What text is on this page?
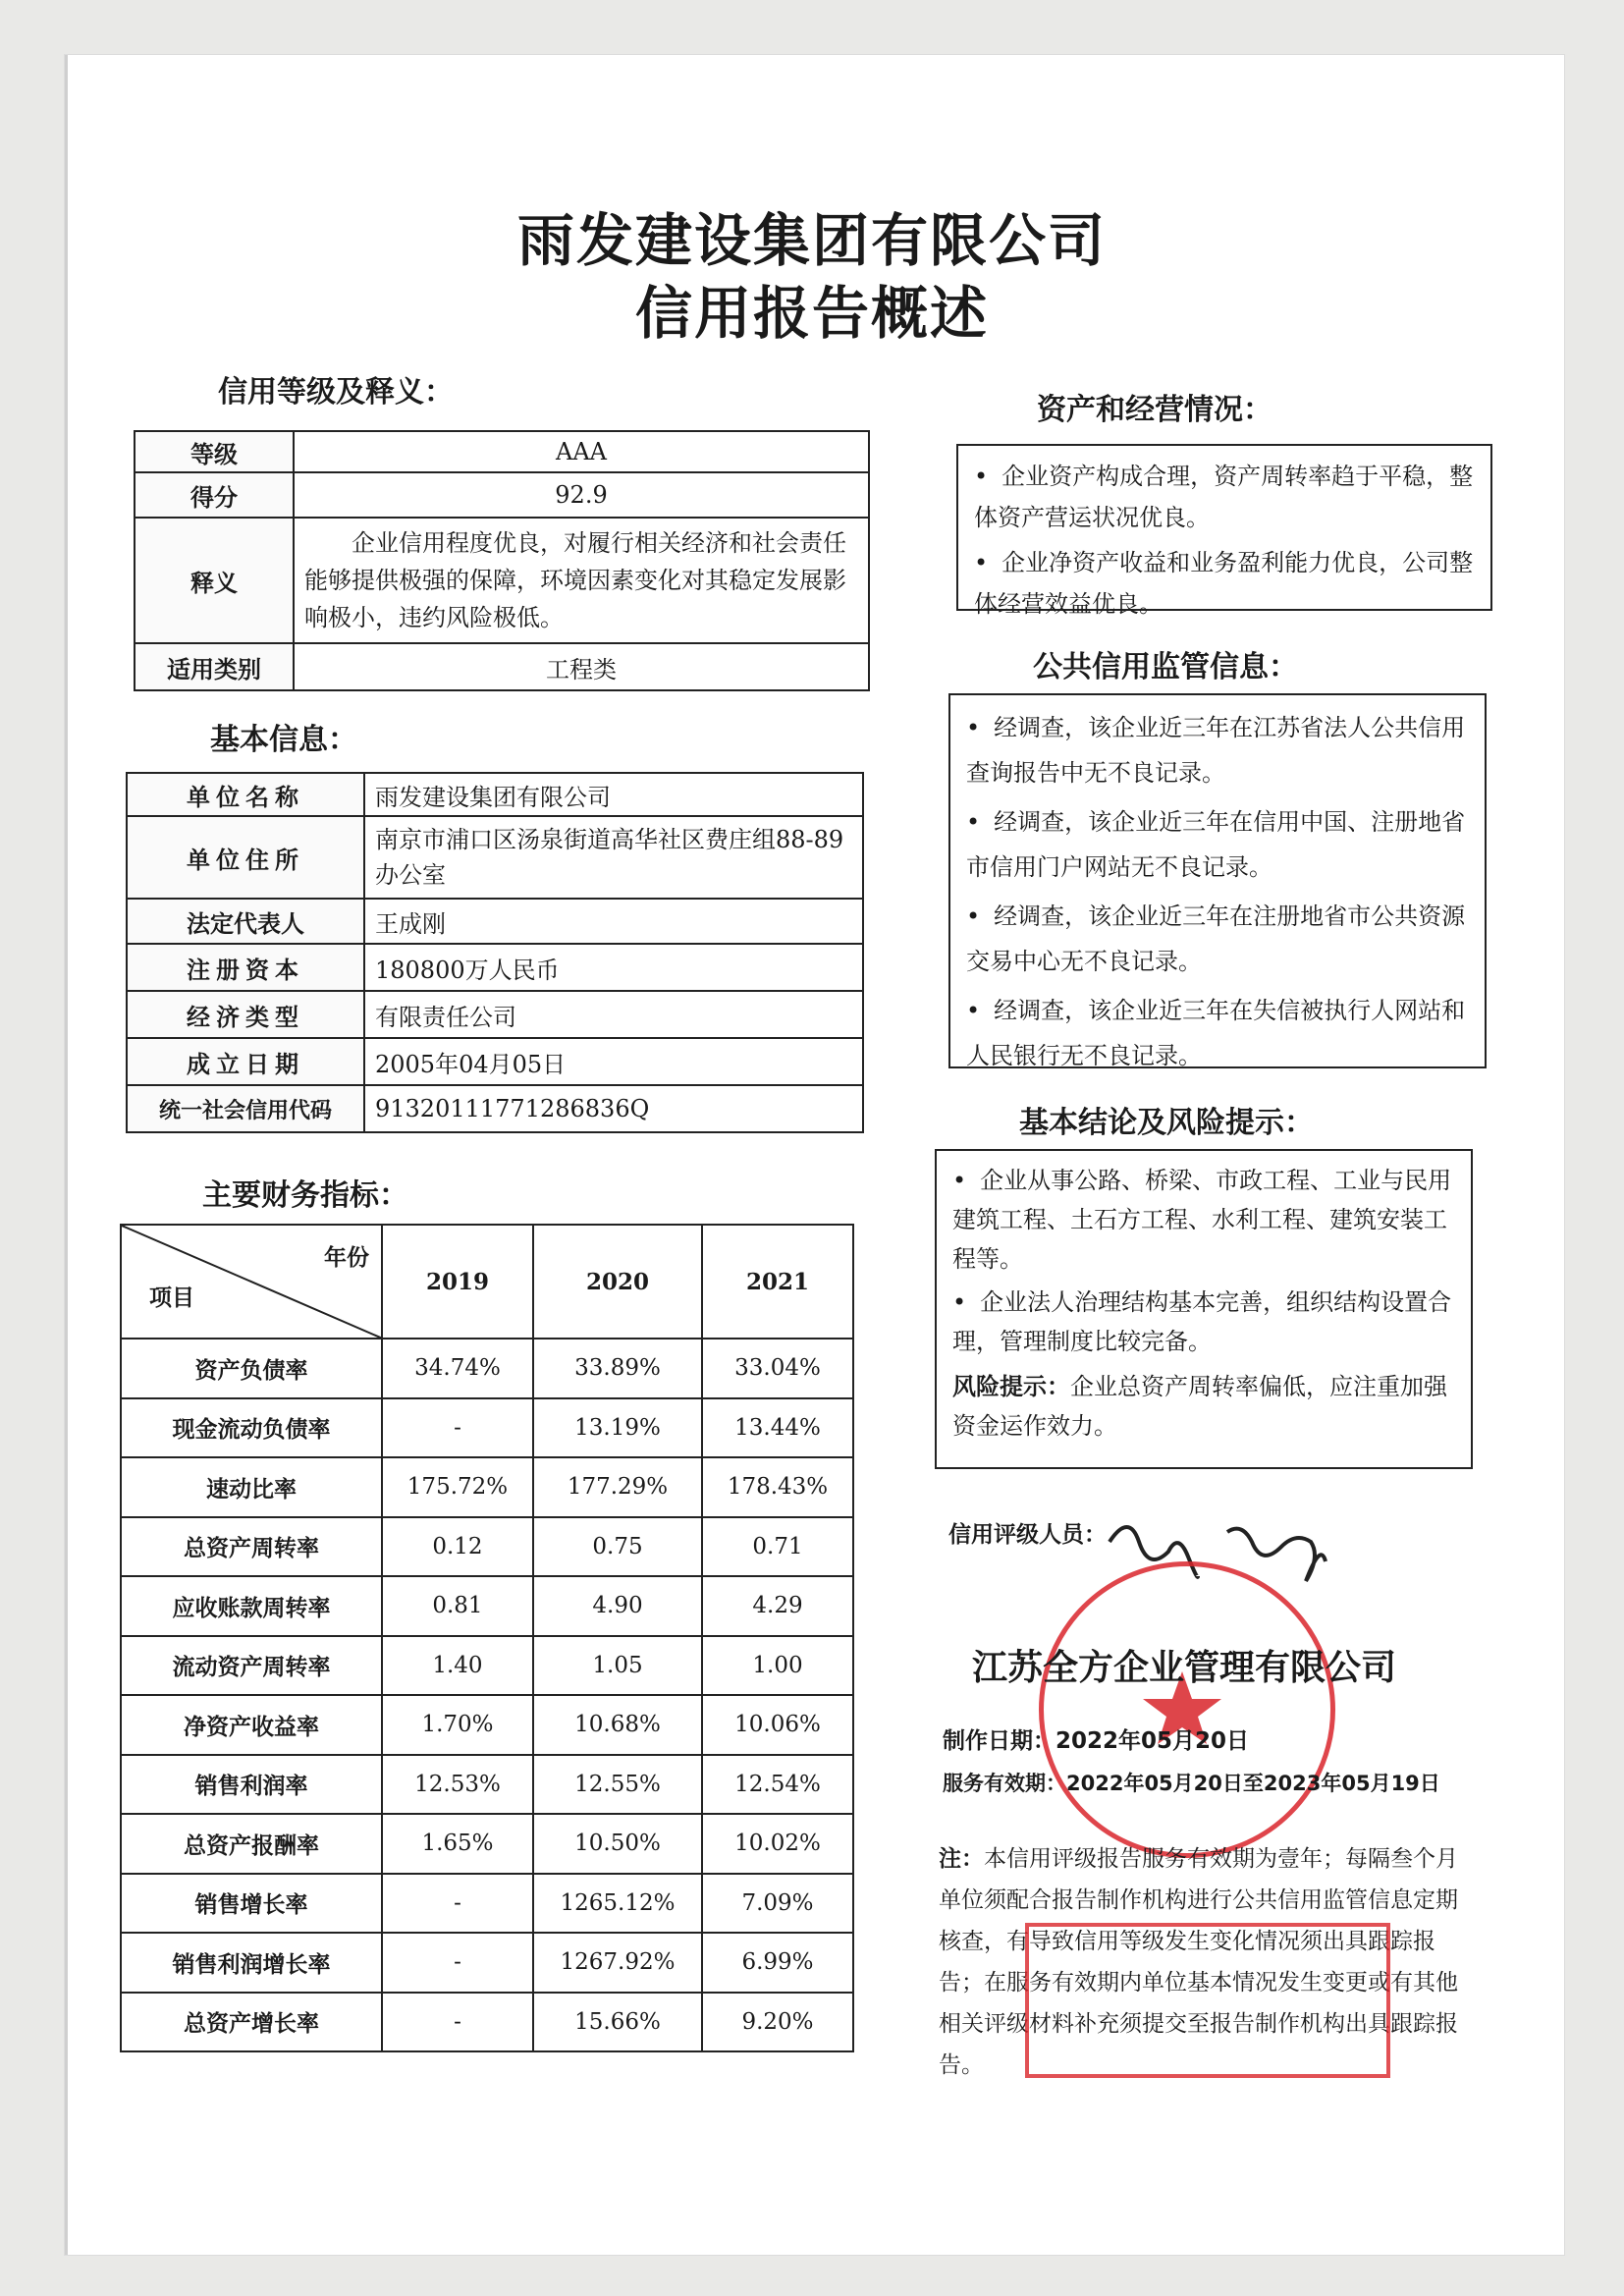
雨发建设集团有限公司
信用报告概述
信用等级及释义：
等级	AAA
得分	92.9
释义	企业信用程度优良，对履行相关经济和社会责任能够提供极强的保障，环境因素变化对其稳定发展影响极小，违约风险极低。
适用类别	工程类
基本信息：
单位名称	雨发建设集团有限公司
单位住所	南京市浦口区汤泉街道高华社区费庄组88-89办公室
法定代表人	王成刚
注册资本	180800万人民币
经济类型	有限责任公司
成立日期	2005年04月05日
统一社会信用代码	91320111771286836Q
主要财务指标：
年份
项目	2019	2020	2021
资产负债率	34.74%	33.89%	33.04%
现金流动负债率	-	13.19%	13.44%
速动比率	175.72%	177.29%	178.43%
总资产周转率	0.12	0.75	0.71
应收账款周转率	0.81	4.90	4.29
流动资产周转率	1.40	1.05	1.00
净资产收益率	1.70%	10.68%	10.06%
销售利润率	12.53%	12.55%	12.54%
总资产报酬率	1.65%	10.50%	10.02%
销售增长率	-	1265.12%	7.09%
销售利润增长率	-	1267.92%	6.99%
总资产增长率	-	15.66%	9.20%
资产和经营情况：
• 企业资产构成合理，资产周转率趋于平稳，整体资产营运状况优良。
• 企业净资产收益和业务盈利能力优良，公司整体经营效益优良。
公共信用监管信息：
• 经调查，该企业近三年在江苏省法人公共信用查询报告中无不良记录。
• 经调查，该企业近三年在信用中国、注册地省市信用门户网站无不良记录。
• 经调查，该企业近三年在注册地省市公共资源交易中心无不良记录。
• 经调查，该企业近三年在失信被执行人网站和人民银行无不良记录。
基本结论及风险提示：
• 企业从事公路、桥梁、市政工程、工业与民用建筑工程、土石方工程、水利工程、建筑安装工程等。
• 企业法人治理结构基本完善，组织结构设置合理，管理制度比较完备。
风险提示：企业总资产周转率偏低，应注重加强资金运作效力。
信用评级人员：
江苏全方企业管理有限公司
制作日期：2022年05月20日
服务有效期：2022年05月20日至2023年05月19日
注：本信用评级报告服务有效期为壹年；每隔叁个月单位须配合报告制作机构进行公共信用监管信息定期核查，有导致信用等级发生变化情况须出具跟踪报告；在服务有效期内单位基本情况发生变更或有其他相关评级材料补充须提交至报告制作机构出具跟踪报告。
